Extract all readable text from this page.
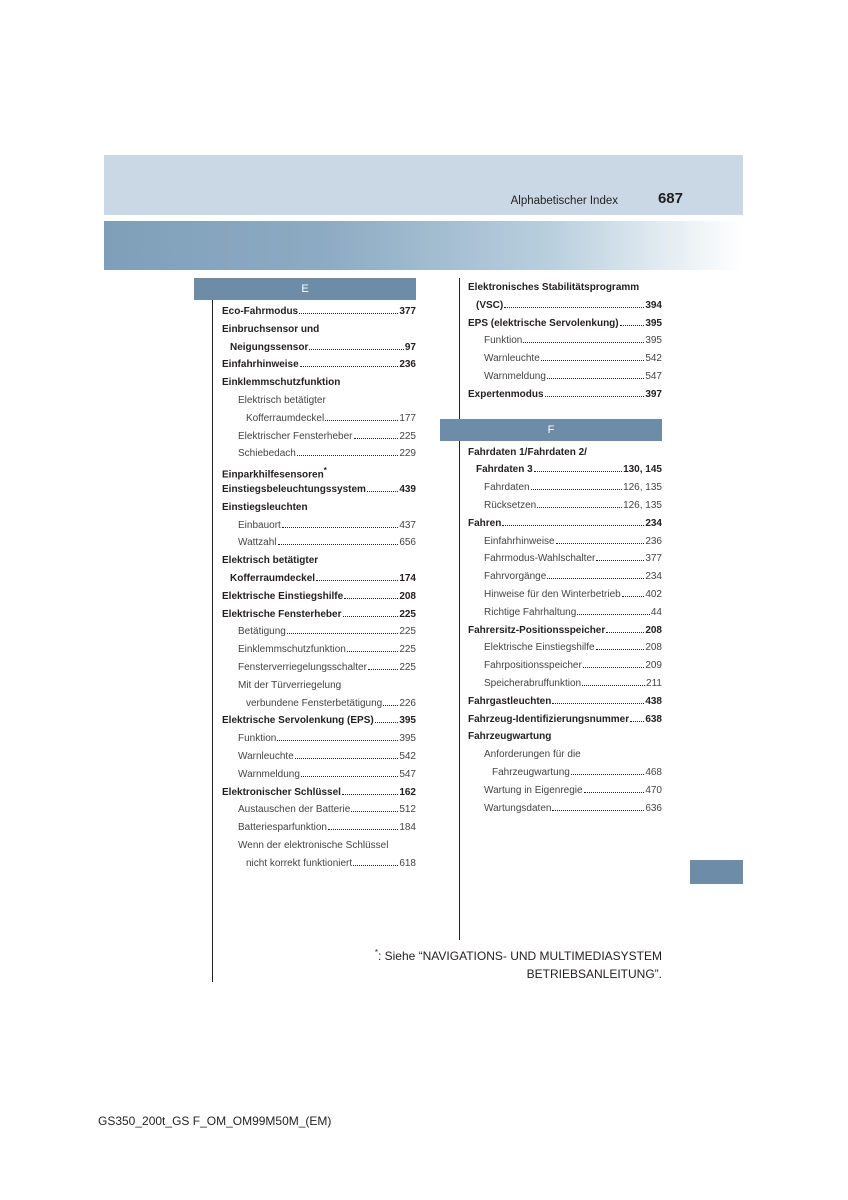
Alphabetischer Index	687
E
Eco-Fahrmodus	377
Einbruchsensor und
Neigungssensor	97
Einfahrhinweise	236
Einklemmschutzfunktion
Elektrisch betätigter
Kofferraumdeckel	177
Elektrischer Fensterheber	225
Schiebedach	229
Einparkhilfesensoren*
Einstiegsbeleuchtungssystem	439
Einstiegsleuchten
Einbauort	437
Wattzahl	656
Elektrisch betätigter
Kofferraumdeckel	174
Elektrische Einstiegshilfe	208
Elektrische Fensterheber	225
Betätigung	225
Einklemmschutzfunktion	225
Fensterverriegelungsschalter	225
Mit der Türverriegelung
verbundene Fensterbetätigung 226
Elektrische Servolenkung (EPS)	395
Funktion	395
Warnleuchte	542
Warnmeldung	547
Elektronischer Schlüssel	162
Austauschen der Batterie	512
Batteriesparfunktion	184
Wenn der elektronische Schlüssel
nicht korrekt funktioniert	618
Elektronisches Stabilitätsprogramm
(VSC)	394
EPS (elektrische Servolenkung)	395
Funktion	395
Warnleuchte	542
Warnmeldung	547
Expertenmodus	397
F
Fahrdaten 1/Fahrdaten 2/
Fahrdaten 3	130, 145
Fahrdaten	126, 135
Rücksetzen	126, 135
Fahren	234
Einfahrhinweise	236
Fahrmodus-Wahlschalter	377
Fahrvorgänge	234
Hinweise für den Winterbetrieb 402
Richtige Fahrhaltung	44
Fahrersitz-Positionsspeicher	208
Elektrische Einstiegshilfe	208
Fahrpositionsspeicher	209
Speicherabruffunktion	211
Fahrgastleuchten	438
Fahrzeug-Identifizierungsnummer 638
Fahrzeugwartung
Anforderungen für die
Fahrzeugwartung	468
Wartung in Eigenregie	470
Wartungsdaten	636
*: Siehe “NAVIGATIONS- UND MULTIMEDIASYSTEM
BETRIEBSANLEITUNG”.
GS350_200t_GS F_OM_OM99M50M_(EM)
